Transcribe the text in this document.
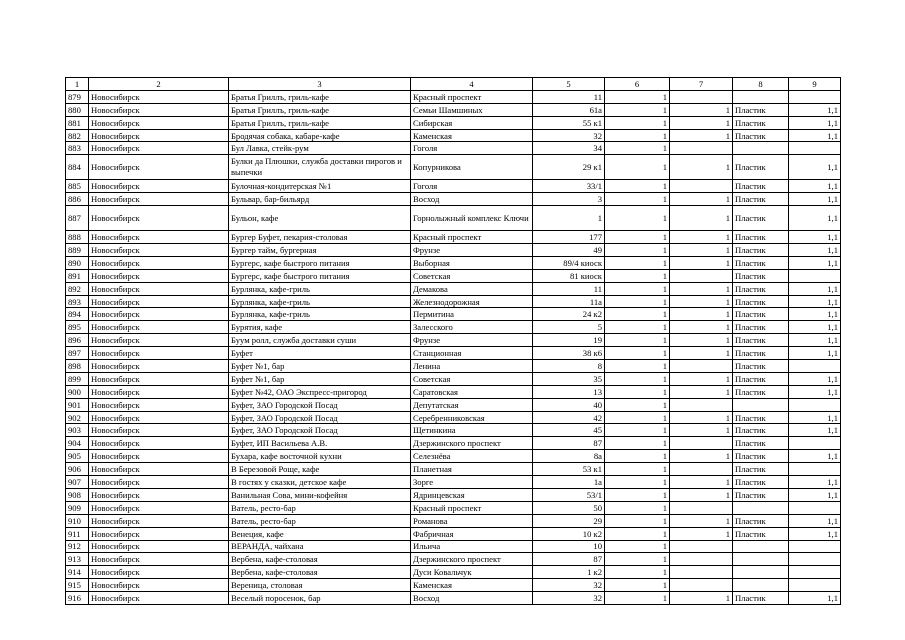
1	2	3	4	5	6	7	8	9
879	Новосибирск	Братья Гриллъ, гриль-кафе	Красный проспект	11	1			
880	Новосибирск	Братья Гриллъ, гриль-кафе	Семьи Шамшиных	61а	1	1	Пластик	1,1
881	Новосибирск	Братья Гриллъ, гриль-кафе	Сибирская	55 к1	1	1	Пластик	1,1
882	Новосибирск	Бродячая собака, кабаре-кафе	Каменская	32	1	1	Пластик	1,1
883	Новосибирск	Бул Лавка, стейк-рум	Гоголя	34	1			
884	Новосибирск	Булки да Плюшки, служба доставки пирогов и выпечки	Копурникова	29 к1	1	1	Пластик	1,1
885	Новосибирск	Булочная-кондитерская №1	Гоголя	33/1	1		Пластик	1,1
886	Новосибирск	Бульвар, бар-бильярд	Восход	3	1	1	Пластик	1,1
887	Новосибирск	Бульон, кафе	Горнолыжный комплекс Ключи	1	1	1	Пластик	1,1
888	Новосибирск	Бургер Буфет, пекария-столовая	Красный проспект	177	1	1	Пластик	1,1
889	Новосибирск	Бургер тайм, бургерная	Фрунзе	49	1	1	Пластик	1,1
890	Новосибирск	Бургерс, кафе быстрого питания	Выборная	89/4 киоск	1	1	Пластик	1,1
891	Новосибирск	Бургерс, кафе быстрого питания	Советская	81 киоск	1		Пластик	
892	Новосибирск	Бурлянка, кафе-гриль	Демакова	11	1	1	Пластик	1,1
893	Новосибирск	Бурлянка, кафе-гриль	Железнодорожная	11а	1	1	Пластик	1,1
894	Новосибирск	Бурлянка, кафе-гриль	Пермитина	24 к2	1	1	Пластик	1,1
895	Новосибирск	Бурятия, кафе	Залесского	5	1	1	Пластик	1,1
896	Новосибирск	Буум ролл, служба доставки суши	Фрунзе	19	1	1	Пластик	1,1
897	Новосибирск	Буфет	Станционная	38 к6	1	1	Пластик	1,1
898	Новосибирск	Буфет №1, бар	Ленина	8	1		Пластик	
899	Новосибирск	Буфет №1, бар	Советская	35	1	1	Пластик	1,1
900	Новосибирск	Буфет №42, ОАО Экспресс-пригород	Саратовская	13	1	1	Пластик	1,1
901	Новосибирск	Буфет, ЗАО Городской Посад	Депутатская	40	1			
902	Новосибирск	Буфет, ЗАО Городской Посад	Серебренниковская	42	1	1	Пластик	1,1
903	Новосибирск	Буфет, ЗАО Городской Посад	Щетинкина	45	1	1	Пластик	1,1
904	Новосибирск	Буфет, ИП Васильева А.В.	Дзержинского проспект	87	1		Пластик	
905	Новосибирск	Бухара, кафе восточной кухни	Селезнёва	8а	1	1	Пластик	1,1
906	Новосибирск	В Березовой Роще, кафе	Планетная	53 к1	1		Пластик	
907	Новосибирск	В гостях у сказки, детское кафе	Зорге	1а	1	1	Пластик	1,1
908	Новосибирск	Ванильная Сова, мини-кофейня	Ядринцевская	53/1	1	1	Пластик	1,1
909	Новосибирск	Ватель, ресто-бар	Красный проспект	50	1			
910	Новосибирск	Ватель, ресто-бар	Романова	29	1	1	Пластик	1,1
911	Новосибирск	Венеция, кафе	Фабричная	10 к2	1	1	Пластик	1,1
912	Новосибирск	ВЕРАНДА, чайхана	Ильича	10	1			
913	Новосибирск	Вербена, кафе-столовая	Дзержинского проспект	87	1			
914	Новосибирск	Вербена, кафе-столовая	Дуси Ковальчук	1 к2	1			
915	Новосибирск	Вереница, столовая	Каменская	32	1			
916	Новосибирск	Веселый поросенок, бар	Восход	32	1	1	Пластик	1,1
